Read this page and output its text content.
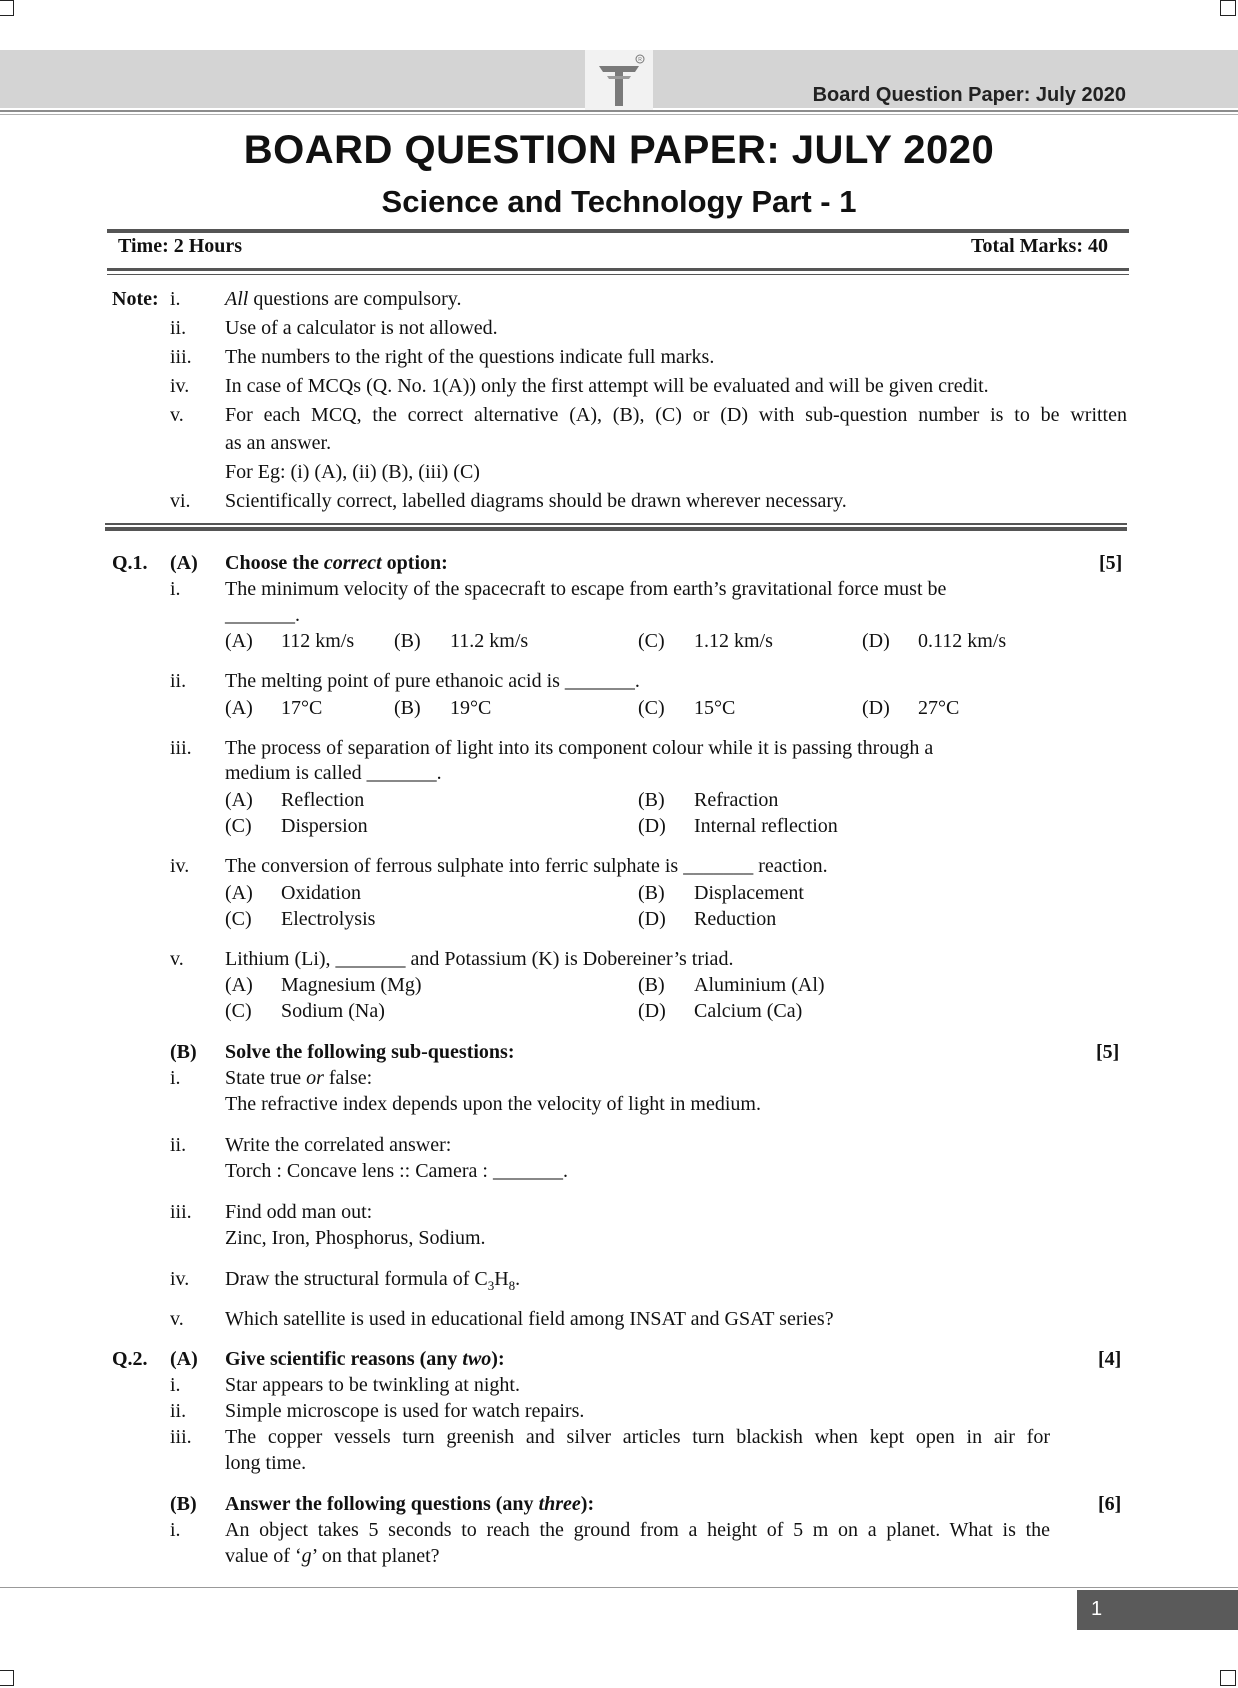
R
Board Question Paper: July 2020
BOARD QUESTION PAPER: JULY 2020
Science and Technology Part - 1
Time: 2 Hours	Total Marks: 40
Note: i. All questions are compulsory.
ii. Use of a calculator is not allowed.
iii. The numbers to the right of the questions indicate full marks.
iv. In case of MCQs (Q. No. 1(A)) only the first attempt will be evaluated and will be given credit.
v. For each MCQ, the correct alternative (A), (B), (C) or (D) with sub-question number is to be written
as an answer.
For Eg: (i) (A), (ii) (B), (iii) (C)
vi. Scientifically correct, labelled diagrams should be drawn wherever necessary.
Q.1. (A) Choose the correct option:	[5]
i. The minimum velocity of the spacecraft to escape from earth’s gravitational force must be
_______.
(A) 112 km/s (B) 11.2 km/s	(C) 1.12 km/s	(D) 0.112 km/s
ii. The melting point of pure ethanoic acid is _______.
(A) 17°C	(B) 19°C	(C) 15°C	(D) 27°C
iii. The process of separation of light into its component colour while it is passing through a
medium is called _______.
(A) Reflection	(B) Refraction
(C) Dispersion	(D) Internal reflection
iv. The conversion of ferrous sulphate into ferric sulphate is _______ reaction.
(A) Oxidation	(B) Displacement
(C) Electrolysis	(D) Reduction
v. Lithium (Li), _______ and Potassium (K) is Dobereiner’s triad.
(A) Magnesium (Mg)	(B) Aluminium (Al)
(C) Sodium (Na)	(D) Calcium (Ca)
(B) Solve the following sub-questions:	[5]
i. State true or false:
The refractive index depends upon the velocity of light in medium.
ii. Write the correlated answer:
Torch : Concave lens :: Camera : _______.
iii. Find odd man out:
Zinc, Iron, Phosphorus, Sodium.
iv. Draw the structural formula of $C_3H_8$.
v. Which satellite is used in educational field among INSAT and GSAT series?
Q.2. (A) Give scientific reasons (any two):	[4]
i. Star appears to be twinkling at night.
ii. Simple microscope is used for watch repairs.
iii. The copper vessels turn greenish and silver articles turn blackish when kept open in air for
long time.
(B) Answer the following questions (any three):	[6]
i. An object takes 5 seconds to reach the ground from a height of 5 m on a planet. What is the
value of ‘g’ on that planet?
1
